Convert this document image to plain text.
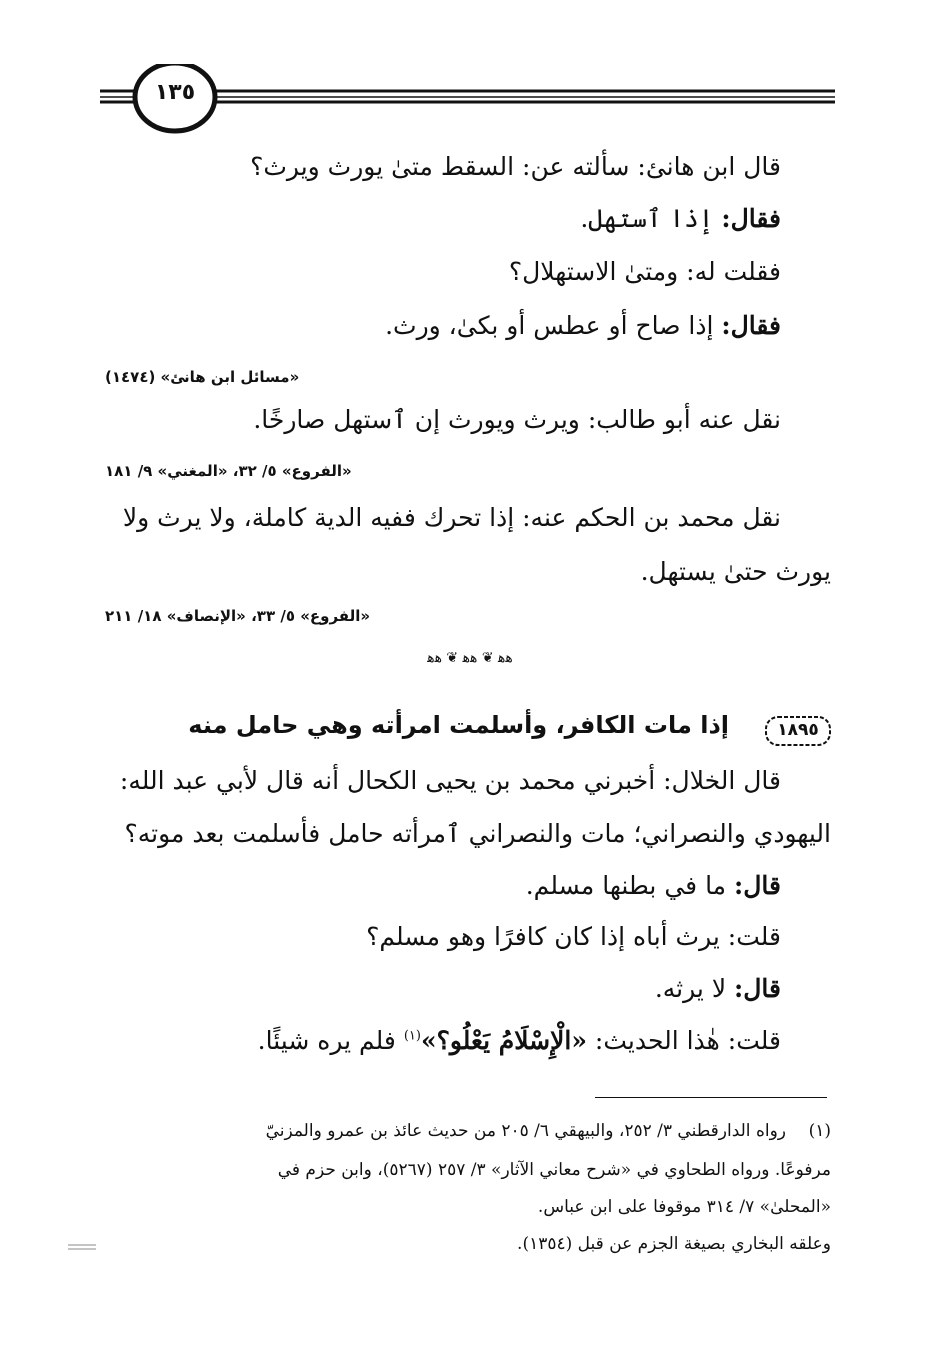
١٣٥
قال ابن هانئ: سألته عن: السقط متىٰ يورث ويرث؟
فقال: إذا ٱستهل.
فقلت له: ومتىٰ الاستهلال؟
فقال: إذا صاح أو عطس أو بكىٰ، ورث.
«مسائل ابن هانئ» (١٤٧٤)
نقل عنه أبو طالب: ويرث ويورث إن ٱستهل صارخًا.
«الفروع» ٥/ ٣٢، «المغني» ٩/ ١٨١
نقل محمد بن الحكم عنه: إذا تحرك ففيه الدية كاملة، ولا يرث ولا
يورث حتىٰ يستهل.
«الفروع» ٥/ ٣٣، «الإنصاف» ١٨/ ٢١١
ﻫﻫ ❦ ﻫﻫ ❦ ﻫﻫ
١٨٩٥
إذا مات الكافر، وأسلمت امرأته وهي حامل منه
قال الخلال: أخبرني محمد بن يحيى الكحال أنه قال لأبي عبد الله:
اليهودي والنصراني؛ مات والنصراني ٱمرأته حامل فأسلمت بعد موته؟
قال: ما في بطنها مسلم.
قلت: يرث أباه إذا كان كافرًا وهو مسلم؟
قال: لا يرثه.
قلت: هٰذا الحديث: «الْإِسْلَامُ يَعْلُو؟»$^{(١)}$ فلم يره شيئًا.
(١)
رواه الدارقطني ٣/ ٢٥٢، والبيهقي ٦/ ٢٠٥ من حديث عائذ بن عمرو والمزنيّ
مرفوعًا. ورواه الطحاوي في «شرح معاني الآثار» ٣/ ٢٥٧ (٥٢٦٧)، وابن حزم في
«المحلىٰ» ٧/ ٣١٤ موقوفا على ابن عباس.
وعلقه البخاري بصيغة الجزم عن قبل (١٣٥٤).
